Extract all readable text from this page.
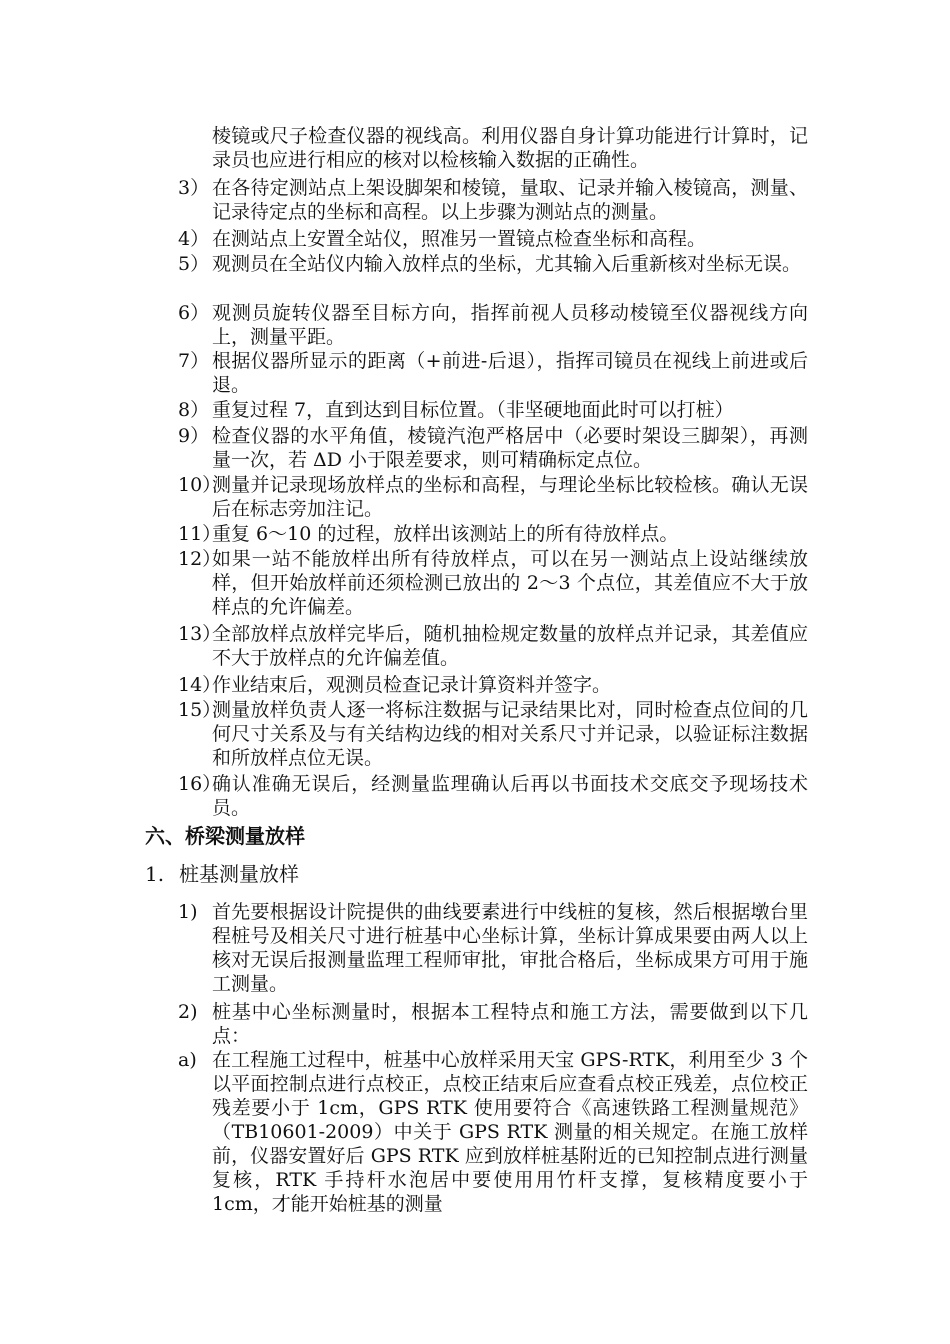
棱镜或尺子检查仪器的视线高。利用仪器自身计算功能进行计算时，记录员也应进行相应的核对以检核输入数据的正确性。
3） 在各待定测站点上架设脚架和棱镜，量取、记录并输入棱镜高，测量、记录待定点的坐标和高程。以上步骤为测站点的测量。
4） 在测站点上安置全站仪，照准另一置镜点检查坐标和高程。
5） 观测员在全站仪内输入放样点的坐标，尤其输入后重新核对坐标无误。
6） 观测员旋转仪器至目标方向，指挥前视人员移动棱镜至仪器视线方向上，测量平距。
7） 根据仪器所显示的距离（+前进-后退），指挥司镜员在视线上前进或后退。
8） 重复过程 7，直到达到目标位置。（非坚硬地面此时可以打桩）
9） 检查仪器的水平角值，棱镜汽泡严格居中（必要时架设三脚架），再测量一次，若 ΔD 小于限差要求，则可精确标定点位。
10）
测量并记录现场放样点的坐标和高程，与理论坐标比较检核。确认无误后在标志旁加注记。
11）
重复 6～10 的过程，放样出该测站上的所有待放样点。
12）
如果一站不能放样出所有待放样点，可以在另一测站点上设站继续放样，但开始放样前还须检测已放出的 2～3 个点位，其差值应不大于放样点的允许偏差。
13）
全部放样点放样完毕后，随机抽检规定数量的放样点并记录，其差值应不大于放样点的允许偏差值。
14）
作业结束后，观测员检查记录计算资料并签字。
15）
测量放样负责人逐一将标注数据与记录结果比对，同时检查点位间的几何尺寸关系及与有关结构边线的相对关系尺寸并记录，以验证标注数据和所放样点位无误。
16）
确认准确无误后，经测量监理确认后再以书面技术交底交予现场技术员。
六、桥梁测量放样
1. 桩基测量放样
1) 首先要根据设计院提供的曲线要素进行中线桩的复核，然后根据墩台里程桩号及相关尺寸进行桩基中心坐标计算，坐标计算成果要由两人以上核对无误后报测量监理工程师审批，审批合格后，坐标成果方可用于施工测量。
2) 桩基中心坐标测量时，根据本工程特点和施工方法，需要做到以下几点：
a) 在工程施工过程中，桩基中心放样采用天宝 GPS-RTK，利用至少 3 个以平面控制点进行点校正，点校正结束后应查看点校正残差，点位校正残差要小于 1cm，GPS RTK 使用要符合《高速铁路工程测量规范》（TB10601-2009）中关于 GPS RTK 测量的相关规定。在施工放样前，仪器安置好后 GPS RTK 应到放样桩基附近的已知控制点进行测量复核，RTK 手持杆水泡居中要使用用竹杆支撑，复核精度要小于 1cm，才能开始桩基的测量
